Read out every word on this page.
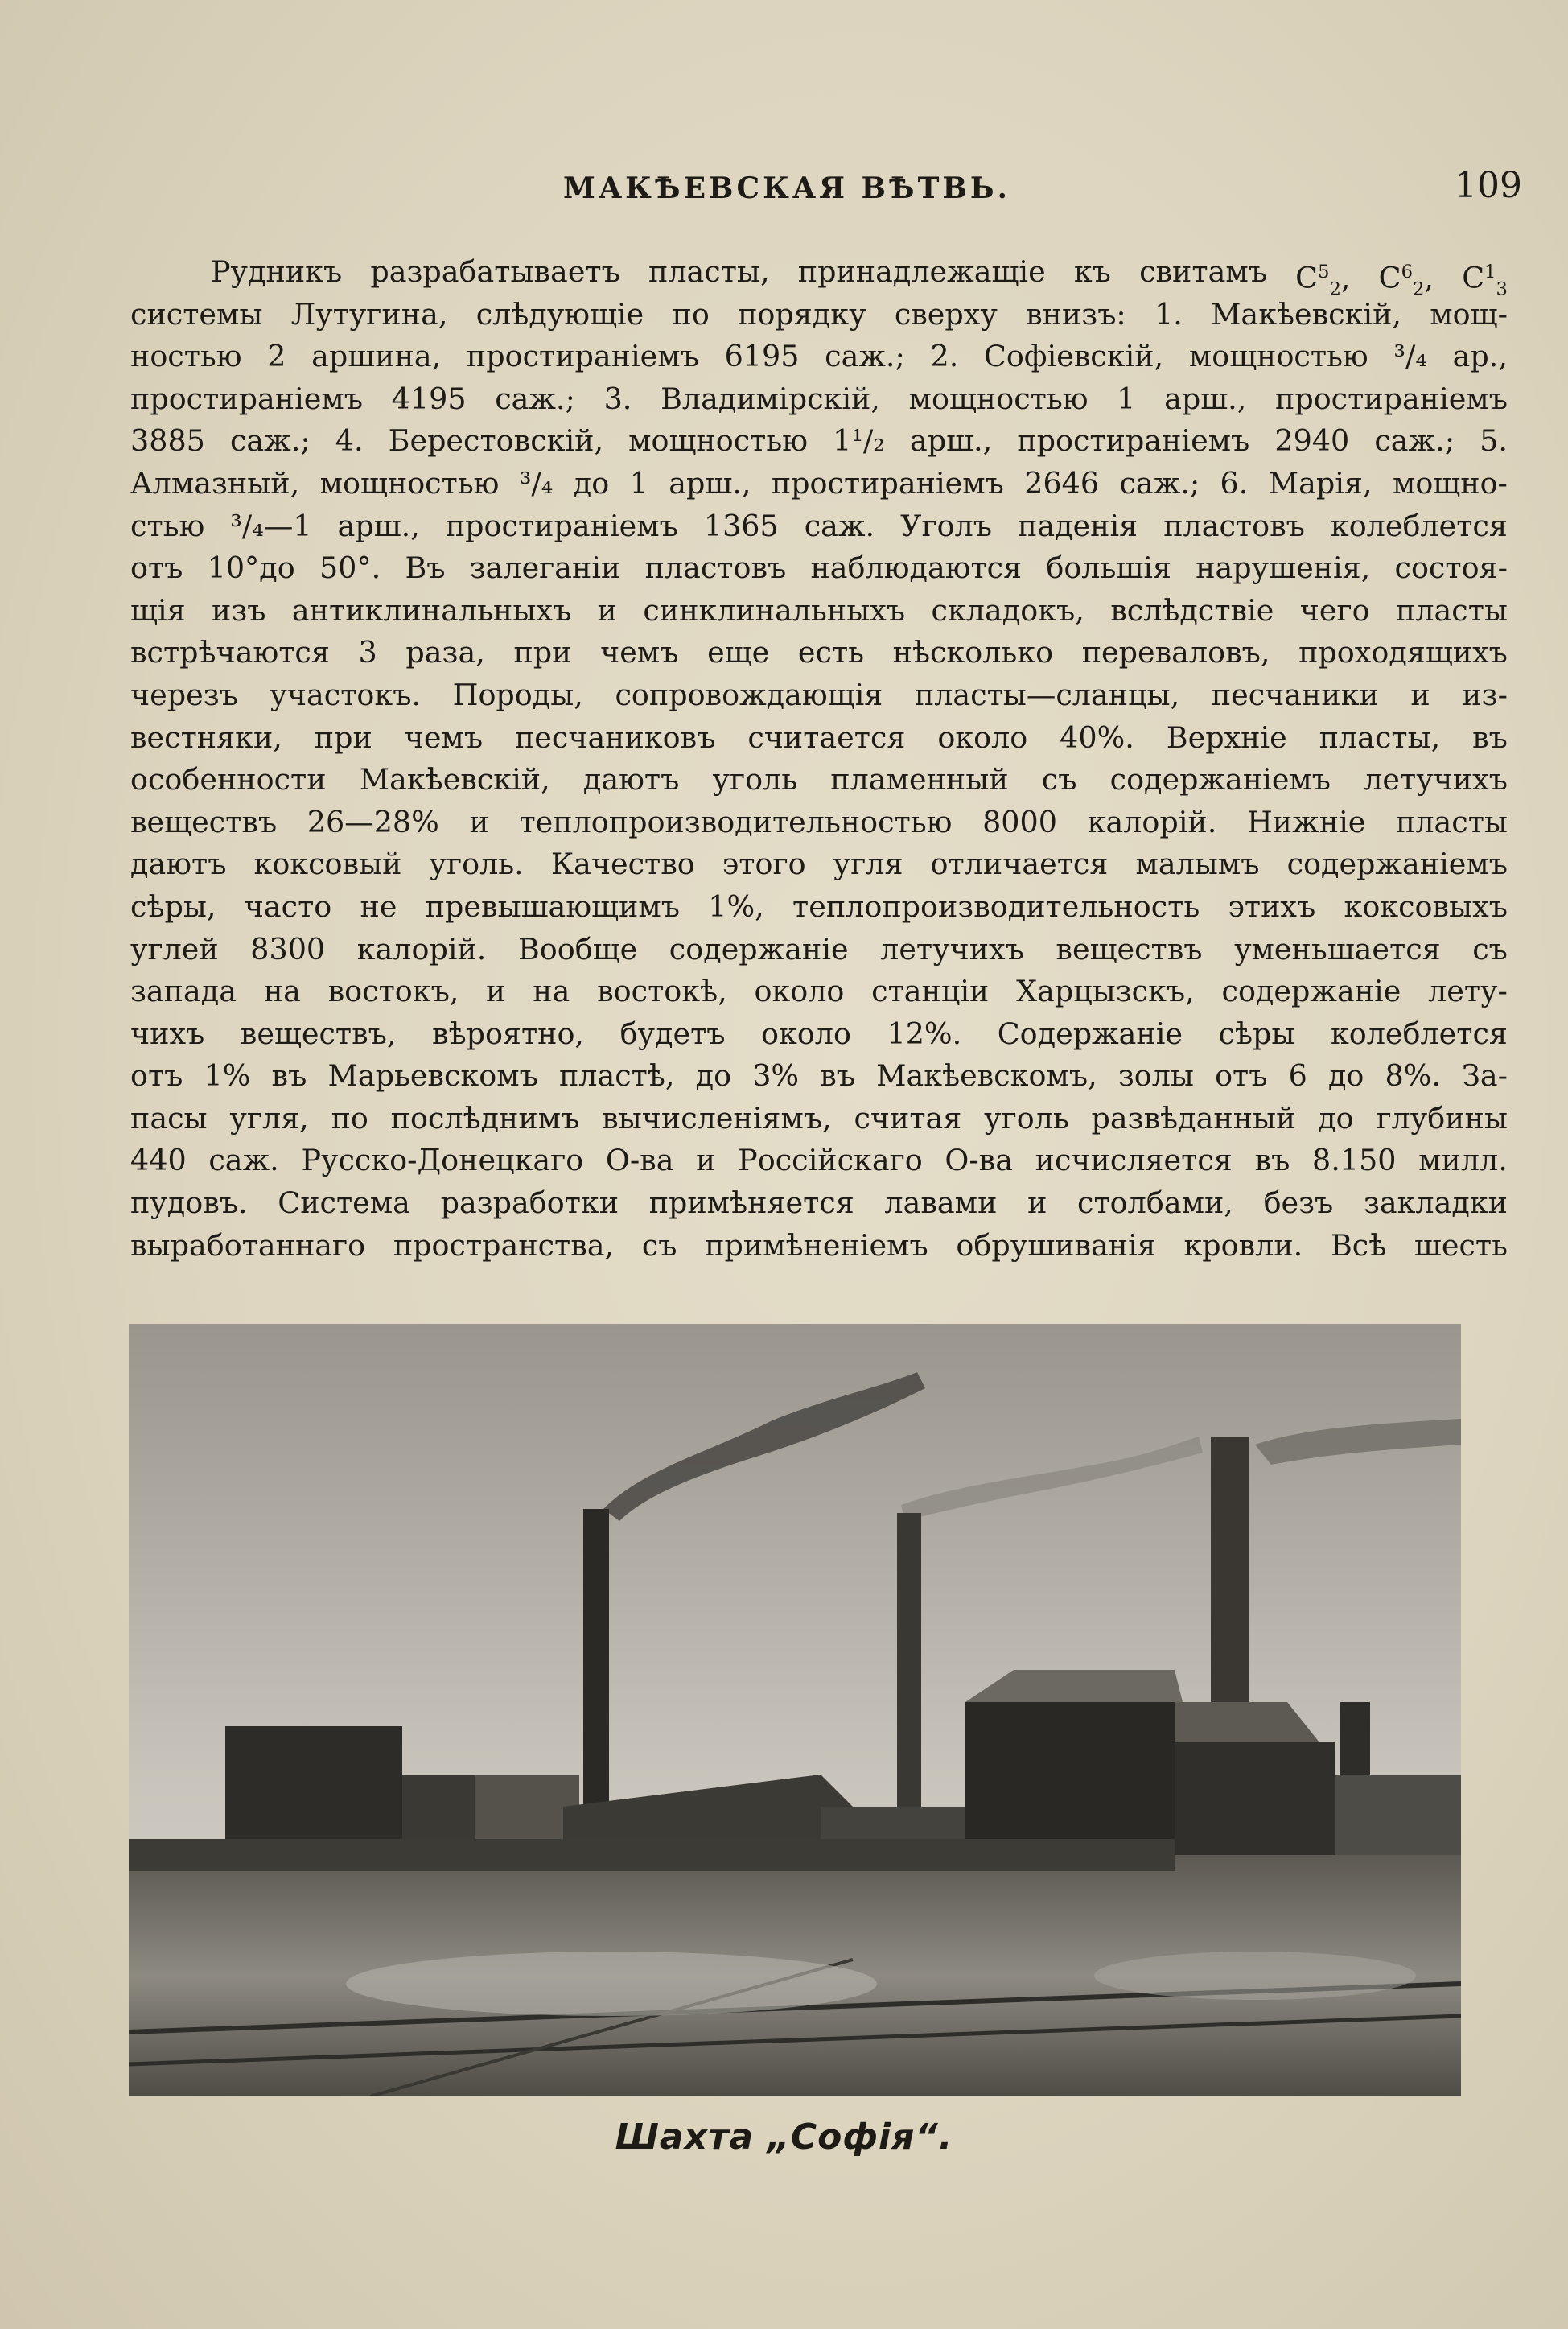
МАКѢЕВСКАЯ ВѢТВЬ.	109
Рудникъ разрабатываетъ пласты, принадлежащіе къ свитамъ $C^5_2$, $C^6_2$, $C^1_3$
системы Лутугина, слѣдующіе по порядку сверху внизъ: 1. Макѣевскій, мощ-
ностью 2 аршина, простираніемъ 6195 саж.; 2. Софіевскій, мощностью ³/₄ ар.,
простираніемъ 4195 саж.; 3. Владимірскій, мощностью 1 арш., простираніемъ
3885 саж.; 4. Берестовскій, мощностью 1¹/₂ арш., простираніемъ 2940 саж.; 5.
Алмазный, мощностью ³/₄ до 1 арш., простираніемъ 2646 саж.; 6. Марія, мощно-
стью ³/₄—1 арш., простираніемъ 1365 саж. Уголъ паденія пластовъ колеблется
отъ 10°до 50°. Въ залеганіи пластовъ наблюдаются большія нарушенія, состоя-
щія изъ антиклинальныхъ и синклинальныхъ складокъ, вслѣдствіе чего пласты
встрѣчаются 3 раза, при чемъ еще есть нѣсколько переваловъ, проходящихъ
черезъ участокъ. Породы, сопровождающія пласты—сланцы, песчаники и из-
вестняки, при чемъ песчаниковъ считается около 40%. Верхніе пласты, въ
особенности Макѣевскій, даютъ уголь пламенный съ содержаніемъ летучихъ
веществъ 26—28% и теплопроизводительностью 8000 калорій. Нижніе пласты
даютъ коксовый уголь. Качество этого угля отличается малымъ содержаніемъ
сѣры, часто не превышающимъ 1%, теплопроизводительность этихъ коксовыхъ
углей 8300 калорій. Вообще содержаніе летучихъ веществъ уменьшается съ
запада на востокъ, и на востокѣ, около станціи Харцызскъ, содержаніе лету-
чихъ веществъ, вѣроятно, будетъ около 12%. Содержаніе сѣры колеблется
отъ 1% въ Марьевскомъ пластѣ, до 3% въ Макѣевскомъ, золы отъ 6 до 8%. За-
пасы угля, по послѣднимъ вычисленіямъ, считая уголь развѣданный до глубины
440 саж. Русско-Донецкаго О-ва и Россійскаго О-ва исчисляется въ 8.150 милл.
пудовъ. Система разработки примѣняется лавами и столбами, безъ закладки
выработаннаго пространства, съ примѣненіемъ обрушиванія кровли. Всѣ шесть
Шахта „Софія“.
